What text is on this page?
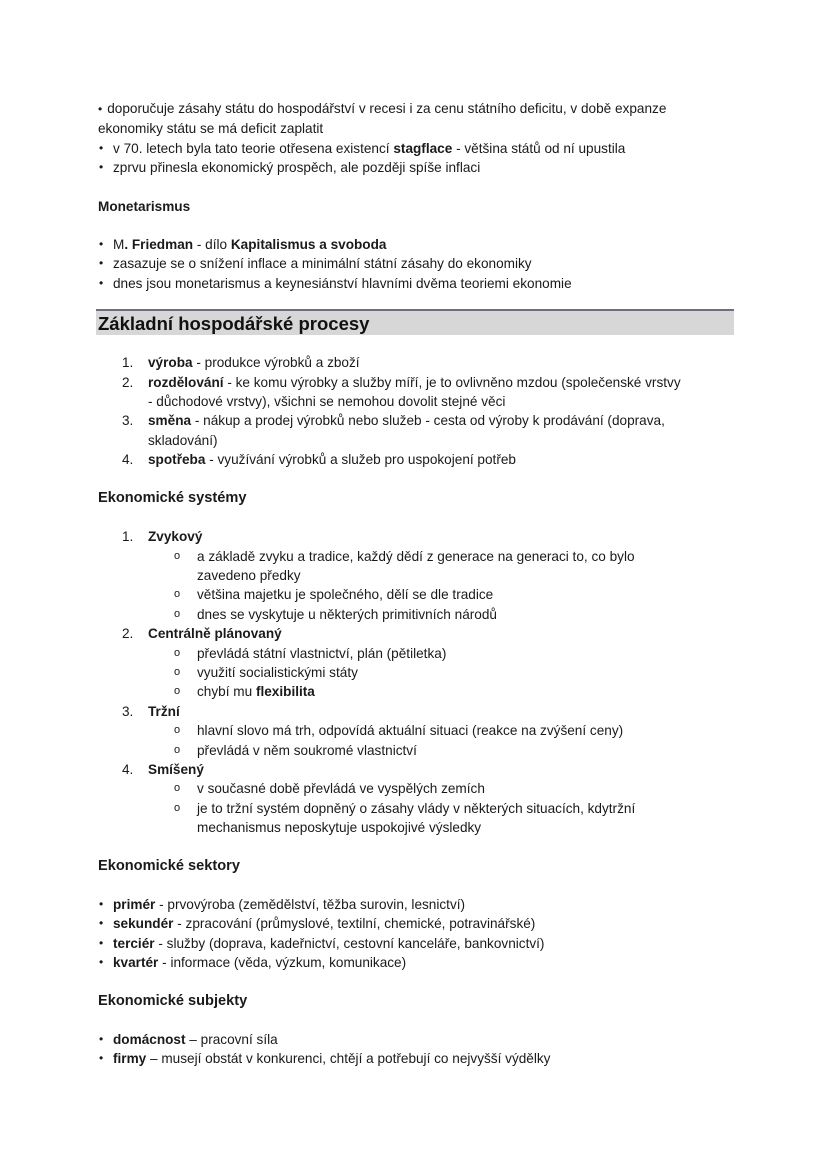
• doporučuje zásahy státu do hospodářství v recesi i za cenu státního deficitu, v době expanze ekonomiky státu se má deficit zaplatit
• v 70. letech byla tato teorie otřesena existencí stagflace - většina států od ní upustila
• zprvu přinesla ekonomický prospěch, ale později spíše inflaci
Monetarismus
• M. Friedman - dílo Kapitalismus a svoboda
• zasazuje se o snížení inflace a minimální státní zásahy do ekonomiky
• dnes jsou monetarismus a keynesiánství hlavními dvěma teoriemi ekonomie
Základní hospodářské procesy
1. výroba - produkce výrobků a zboží
2. rozdělování - ke komu výrobky a služby míří, je to ovlivněno mzdou (společenské vrstvy - důchodové vrstvy), všichni se nemohou dovolit stejné věci
3. směna - nákup a prodej výrobků nebo služeb - cesta od výroby k prodávání (doprava, skladování)
4. spotřeba - využívání výrobků a služeb pro uspokojení potřeb
Ekonomické systémy
1. Zvykový
o a základě zvyku a tradice, každý dědí z generace na generaci to, co bylo zavedeno předky
o většina majetku je společného, dělí se dle tradice
o dnes se vyskytuje u některých primitivních národů
2. Centrálně plánovaný
o převládá státní vlastnictví, plán (pětiletka)
o využití socialistickými státy
o chybí mu flexibilita
3. Tržní
o hlavní slovo má trh, odpovídá aktuální situaci (reakce na zvýšení ceny)
o převládá v něm soukromé vlastnictví
4. Smíšený
o v současné době převládá ve vyspělých zemích
o je to tržní systém dopněný o zásahy vlády v některých situacích, kdytržní mechanismus neposkytuje uspokojivé výsledky
Ekonomické sektory
• primér - prvovýroba (zemědělství, těžba surovin, lesnictví)
• sekundér - zpracování (průmyslové, textilní, chemické, potravinářské)
• terciér - služby (doprava, kadeřnictví, cestovní kanceláře, bankovnictví)
• kvartér - informace (věda, výzkum, komunikace)
Ekonomické subjekty
• domácnost – pracovní síla
• firmy – musejí obstát v konkurenci, chtějí a potřebují co nejvyšší výdělky
